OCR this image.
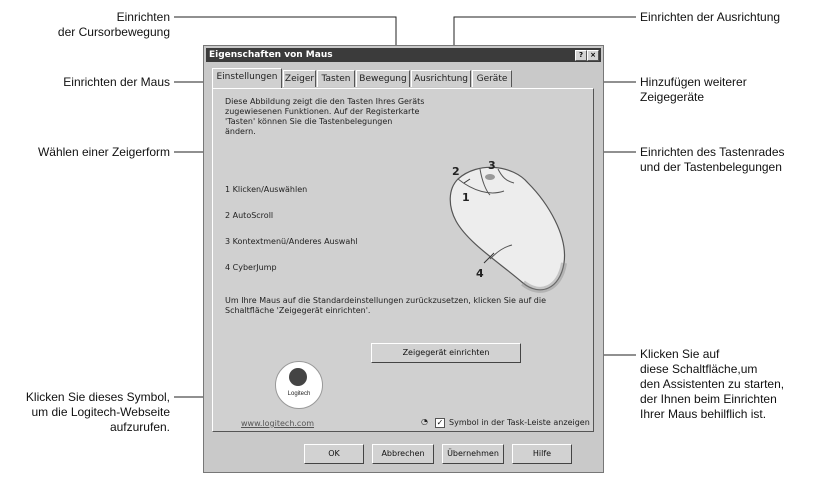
Einrichten
der Cursorbewegung
Einrichten der Ausrichtung
Einrichten der Maus	Hinzufügen weiterer
Zeigegeräte
Wählen einer Zeigerform	Einrichten des Tastenrades
und der Tastenbelegungen
Klicken Sie auf
diese Schaltfläche,um
den Assistenten zu starten,
der Ihnen beim Einrichten
Ihrer Maus behilflich ist.
Klicken Sie dieses Symbol,
um die Logitech-Webseite
aufzurufen.
Eigenschaften von Maus	?	×
Einstellungen Zeiger Tasten Bewegung Ausrichtung Geräte
Diese Abbildung zeigt die den Tasten Ihres Geräts zugewiesenen Funktionen. Auf der Registerkarte 'Tasten' können Sie die Tastenbelegungen ändern.
1 Klicken/Auswählen
2 AutoScroll
3 Kontextmenü/Anderes Auswahl
4 CyberJump
2	3
1
4
Um Ihre Maus auf die Standardeinstellungen zurückzusetzen, klicken Sie auf die Schaltfläche 'Zeigegerät einrichten'.
Zeigegerät einrichten
Logitech
www.logitech.com	◔ ✓ Symbol in der Task-Leiste anzeigen
OK	Abbrechen	Übernehmen	Hilfe
